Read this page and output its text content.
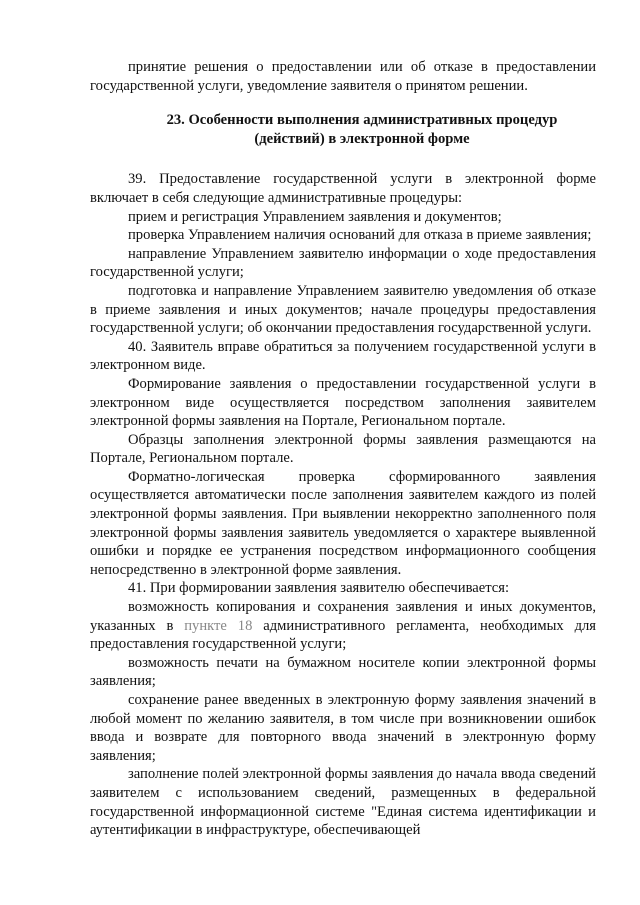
принятие решения о предоставлении или об отказе в предоставлении государственной услуги, уведомление заявителя о принятом решении.

23. Особенности выполнения административных процедур
(действий) в электронной форме

39. Предоставление государственной услуги в электронной форме включает в себя следующие административные процедуры:

прием и регистрация Управлением заявления и документов;

проверка Управлением наличия оснований для отказа в приеме заявления;

направление Управлением заявителю информации о ходе предоставления государственной услуги;

подготовка и направление Управлением заявителю уведомления об отказе в приеме заявления и иных документов; начале процедуры предоставления государственной услуги; об окончании предоставления государственной услуги.

40. Заявитель вправе обратиться за получением государственной услуги в электронном виде.

Формирование заявления о предоставлении государственной услуги в электронном виде осуществляется посредством заполнения заявителем электронной формы заявления на Портале, Региональном портале.

Образцы заполнения электронной формы заявления размещаются на Портале, Региональном портале.

Форматно-логическая проверка сформированного заявления осуществляется автоматически после заполнения заявителем каждого из полей электронной формы заявления. При выявлении некорректно заполненного поля электронной формы заявления заявитель уведомляется о характере выявленной ошибки и порядке ее устранения посредством информационного сообщения непосредственно в электронной форме заявления.

41. При формировании заявления заявителю обеспечивается:

возможность копирования и сохранения заявления и иных документов, указанных в пункте 18 административного регламента, необходимых для предоставления государственной услуги;

возможность печати на бумажном носителе копии электронной формы заявления;

сохранение ранее введенных в электронную форму заявления значений в любой момент по желанию заявителя, в том числе при возникновении ошибок ввода и возврате для повторного ввода значений в электронную форму заявления;

заполнение полей электронной формы заявления до начала ввода сведений заявителем с использованием сведений, размещенных в федеральной государственной информационной системе "Единая система идентификации и аутентификации в инфраструктуре, обеспечивающей
